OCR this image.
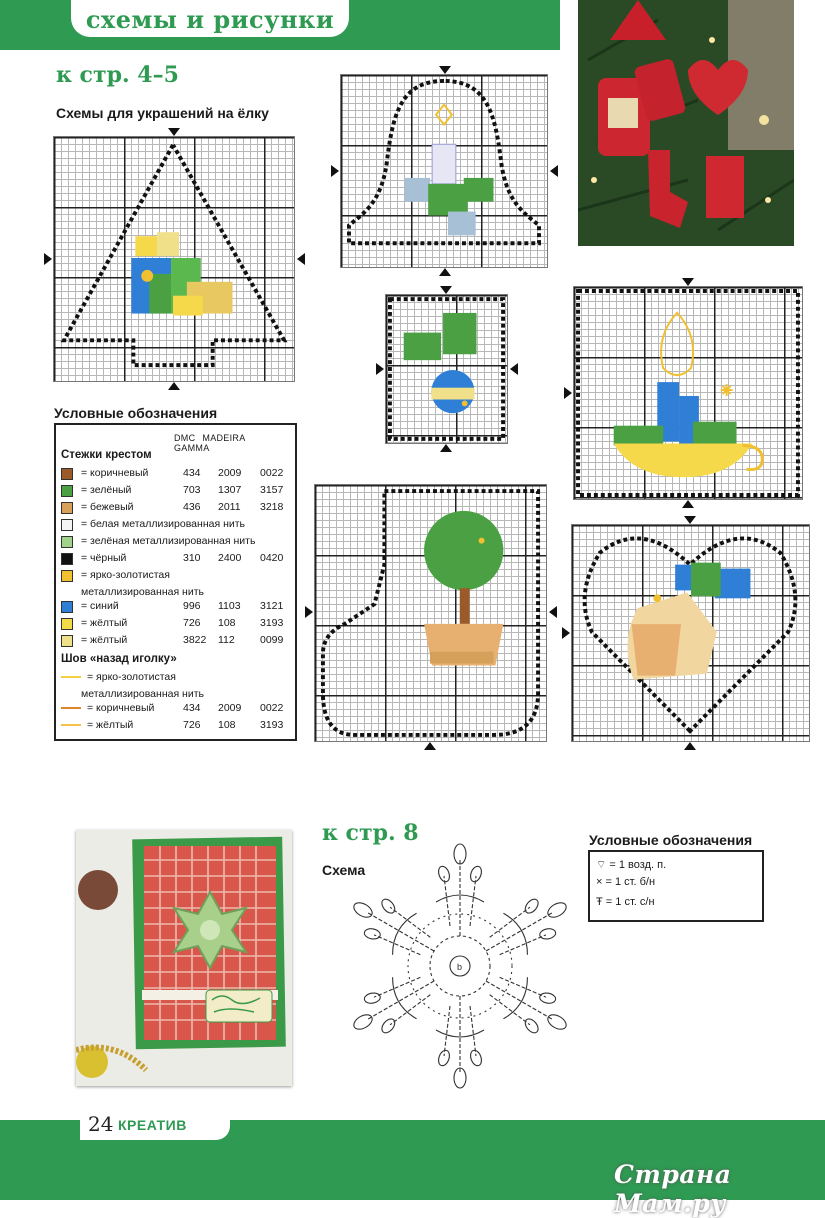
схемы и рисунки
к стр. 4–5
Схемы для украшений на ёлку
Условные обозначения
DMC MADEIRAGAMMA
Стежки крестом
= коричневый	434 2009 0022
= зелёный	703 1307 3157
= бежевый	436 2011 3218
= белая металлизированная нить
= зелёная металлизированная нить
= чёрный	310 2400 0420
= ярко-золотистая
металлизированная нить
= синий	996 1103 3121
= жёлтый	726 108 3193
= жёлтый	3822 112 0099
Шов «назад иголку»
= ярко-золотистая
металлизированная нить
= коричневый	434 2009 0022
= жёлтый	726 108 3193
к стр. 8
Схема
b
Условные обозначения
⌔ = 1 возд. п.
× = 1 ст. б/н
Ŧ = 1 ст. с/н
24 КРЕАТИВ
Страна Мам.ру
